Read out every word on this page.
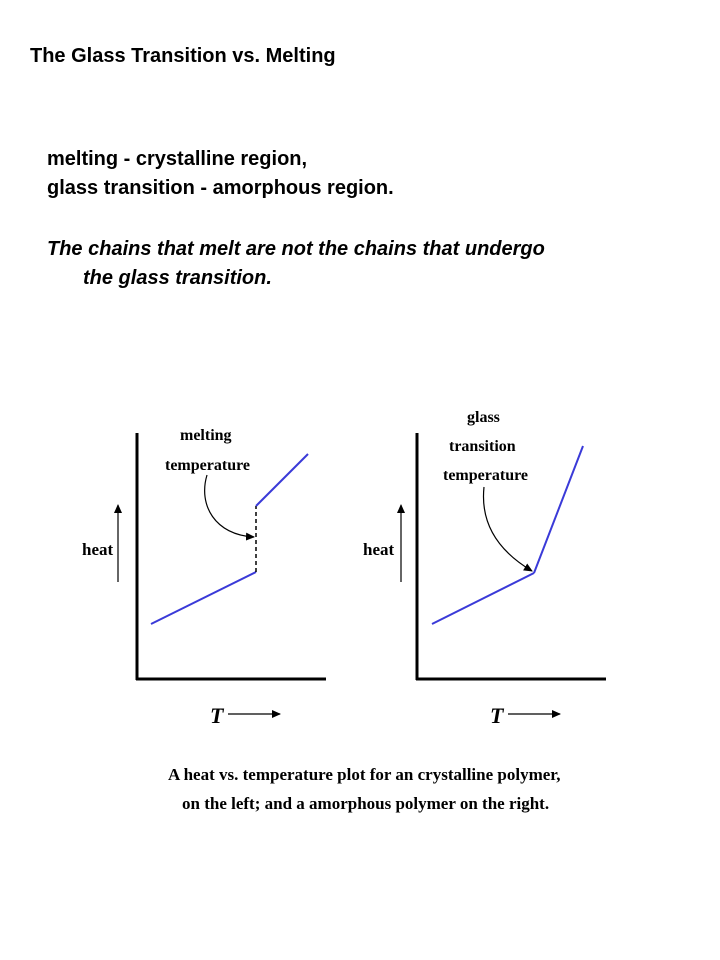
The Glass Transition vs. Melting
melting - crystalline region,
glass transition - amorphous region.
The chains that melt are not the chains that undergo
the glass transition.
heat
T
melting
temperature
heat
T
glass
transition
temperature
A heat vs. temperature plot for an crystalline polymer,
on the left; and a amorphous polymer on the right.
